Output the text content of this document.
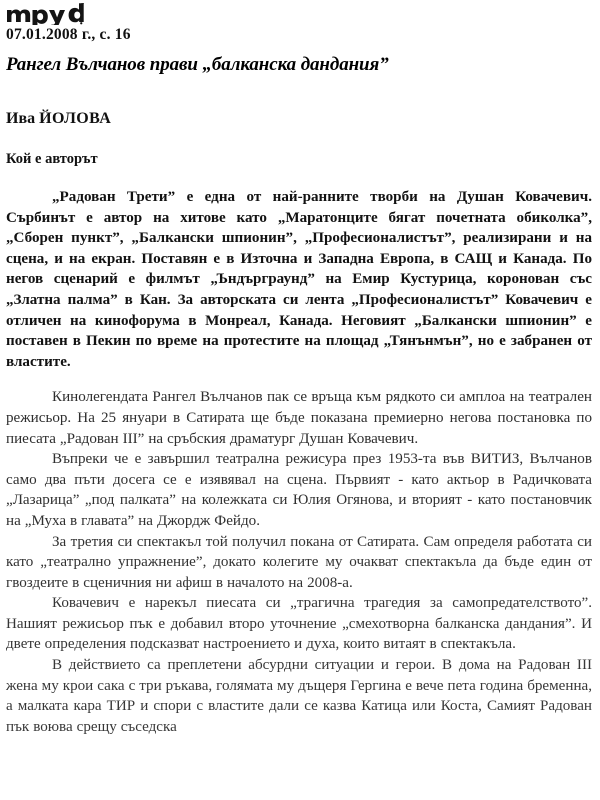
07.01.2008 г., с. 16
Рангел Вълчанов прави „балканска дандания”
Ива ЙОЛОВА
Кой е авторът

„Радован Трети” е една от най-ранните творби на Душан Ковачевич. Сърбинът е автор на хитове като „Маратонците бягат почетната обиколка”, „Сборен пункт”, „Балкански шпионин”, „Професионалистът”, реализирани и на сцена, и на екран. Поставян е в Източна и Западна Европа, в САЩ и Канада. По негов сценарий е филмът „Ъндърграунд” на Емир Кустурица, коронован със „Златна палма” в Кан. За авторската си лента „Професионалистът” Ковачевич е отличен на кинофорума в Монреал, Канада. Неговият „Балкански шпионин” е поставен в Пекин по време на протестите на площад „Тянънмън”, но е забранен от властите.

Кинолегендата Рангел Вълчанов пак се връща към рядкото си амплоа на театрален режисьор. На 25 януари в Сатирата ще бъде показана премиерно негова постановка по пиесата „Радован III” на сръбския драматург Душан Ковачевич.

Въпреки че е завършил театрална режисура през 1953-та във ВИТИЗ, Вълчанов само два пъти досега се е изявявал на сцена. Първият - като актьор в Радичковата „Лазарица” „под палката” на колежката си Юлия Огянова, и вторият - като постановчик на „Муха в главата” на Джордж Фейдо.

За третия си спектакъл той получил покана от Сатирата. Сам определя работата си като „театрално упражнение”, докато колегите му очакват спектакъла да бъде един от гвоздеите в сценичния ни афиш в началото на 2008-а.

Ковачевич е нарекъл пиесата си „трагична трагедия за самопредателството”. Нашият режисьор пък е добавил второ уточнение „смехотворна балканска дандания”. И двете определения подсказват настроението и духа, които витаят в спектакъла.

В действието са преплетени абсурдни ситуации и герои. В дома на Радован III жена му крои сака с три ръкава, голямата му дъщеря Гергина е вече пета година бременна, а малката кара ТИР и спори с властите дали се казва Катица или Коста, Самият Радован пък воюва срещу съседска
